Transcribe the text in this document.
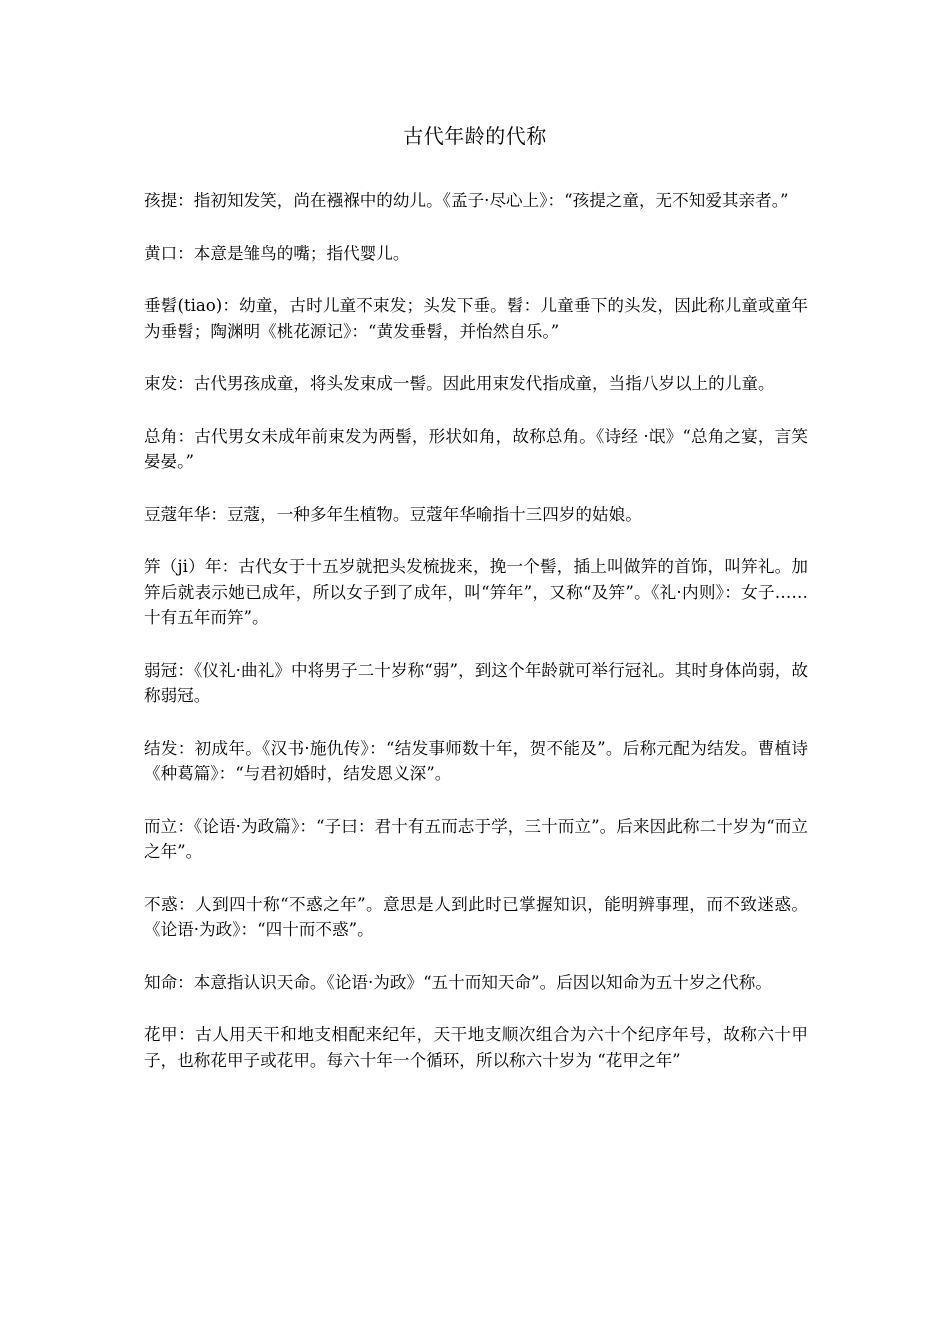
古代年龄的代称

孩提：指初知发笑，尚在襁褓中的幼儿。《孟子·尽心上》：“孩提之童，无不知爱其亲者。”

黄口：本意是雏鸟的嘴；指代婴儿。

垂髫(tiao)：幼童，古时儿童不束发；头发下垂。髫：儿童垂下的头发，因此称儿童或童年为垂髫；陶渊明《桃花源记》：“黄发垂髫，并怡然自乐。”

束发：古代男孩成童，将头发束成一髻。因此用束发代指成童，当指八岁以上的儿童。

总角：古代男女未成年前束发为两髻，形状如角，故称总角。《诗经 ·氓》“总角之宴，言笑晏晏。”

豆蔻年华：豆蔻，一种多年生植物。豆蔻年华喻指十三四岁的姑娘。

笄（ji）年：古代女于十五岁就把头发梳拢来，挽一个髻，插上叫做笄的首饰，叫笄礼。加笄后就表示她已成年，所以女子到了成年，叫“笄年”，又称“及笄”。《礼·内则》：女子……十有五年而笄”。

弱冠：《仪礼·曲礼》中将男子二十岁称“弱”，到这个年龄就可举行冠礼。其时身体尚弱，故称弱冠。

结发：初成年。《汉书·施仇传》：“结发事师数十年，贺不能及”。后称元配为结发。曹植诗《种葛篇》：“与君初婚时，结发恩义深”。

而立：《论语·为政篇》：“子曰：君十有五而志于学，三十而立”。后来因此称二十岁为“而立之年”。

不惑：人到四十称“不惑之年”。意思是人到此时已掌握知识，能明辨事理，而不致迷惑。《论语·为政》：“四十而不惑”。

知命：本意指认识天命。《论语·为政》“五十而知天命”。后因以知命为五十岁之代称。

花甲：古人用天干和地支相配来纪年，天干地支顺次组合为六十个纪序年号，故称六十甲子，也称花甲子或花甲。每六十年一个循环，所以称六十岁为 “花甲之年”
